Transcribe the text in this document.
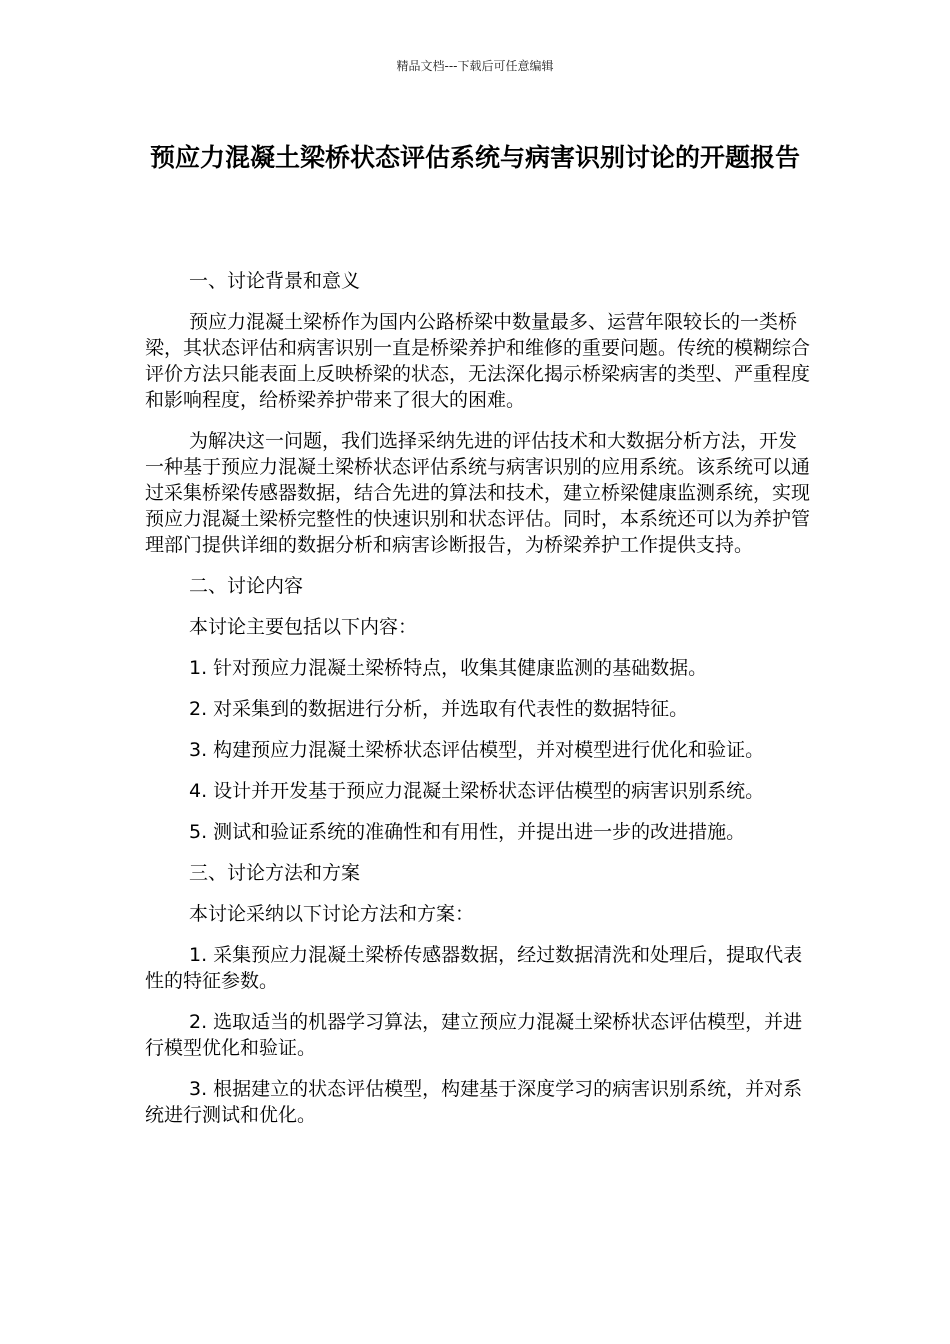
精品文档---下载后可任意编辑
预应力混凝土梁桥状态评估系统与病害识别讨论的开题报告

一、讨论背景和意义

预应力混凝土梁桥作为国内公路桥梁中数量最多、运营年限较长的一类桥梁，其状态评估和病害识别一直是桥梁养护和维修的重要问题。传统的模糊综合评价方法只能表面上反映桥梁的状态，无法深化揭示桥梁病害的类型、严重程度和影响程度，给桥梁养护带来了很大的困难。

为解决这一问题，我们选择采纳先进的评估技术和大数据分析方法，开发一种基于预应力混凝土梁桥状态评估系统与病害识别的应用系统。该系统可以通过采集桥梁传感器数据，结合先进的算法和技术，建立桥梁健康监测系统，实现预应力混凝土梁桥完整性的快速识别和状态评估。同时，本系统还可以为养护管理部门提供详细的数据分析和病害诊断报告，为桥梁养护工作提供支持。

二、讨论内容

本讨论主要包括以下内容：

1. 针对预应力混凝土梁桥特点，收集其健康监测的基础数据。

2. 对采集到的数据进行分析，并选取有代表性的数据特征。

3. 构建预应力混凝土梁桥状态评估模型，并对模型进行优化和验证。

4. 设计并开发基于预应力混凝土梁桥状态评估模型的病害识别系统。

5. 测试和验证系统的准确性和有用性，并提出进一步的改进措施。

三、讨论方法和方案

本讨论采纳以下讨论方法和方案：

1. 采集预应力混凝土梁桥传感器数据，经过数据清洗和处理后，提取代表性的特征参数。

2. 选取适当的机器学习算法，建立预应力混凝土梁桥状态评估模型，并进行模型优化和验证。

3. 根据建立的状态评估模型，构建基于深度学习的病害识别系统，并对系统进行测试和优化。
